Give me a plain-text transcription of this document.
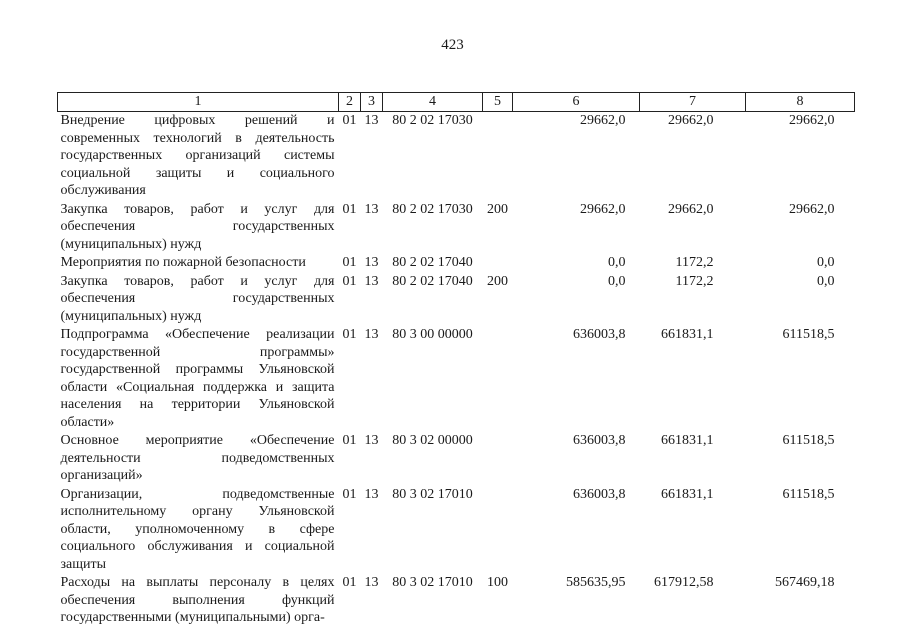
423
1	2	3	4	5	6	7	8
Внедрение цифровых решений и современных технологий в деятельность государственных организаций системы социальной защиты и социального обслуживания	01	13	80 2 02 17030		29662,0	29662,0	29662,0
Закупка товаров, работ и услуг для обеспечения государственных (муниципальных) нужд	01	13	80 2 02 17030	200	29662,0	29662,0	29662,0
Мероприятия по пожарной безопасности	01	13	80 2 02 17040		0,0	1172,2	0,0
Закупка товаров, работ и услуг для обеспечения государственных (муниципальных) нужд	01	13	80 2 02 17040	200	0,0	1172,2	0,0
Подпрограмма «Обеспечение реализации государственной программы» государственной программы Ульяновской области «Социальная поддержка и защита населения на территории Ульяновской области»	01	13	80 3 00 00000		636003,8	661831,1	611518,5
Основное мероприятие «Обеспечение деятельности подведомственных организаций»	01	13	80 3 02 00000		636003,8	661831,1	611518,5
Организации, подведомственные исполнительному органу Ульяновской области, уполномоченному в сфере социального обслуживания и социальной защиты	01	13	80 3 02 17010		636003,8	661831,1	611518,5
Расходы на выплаты персоналу в целях обеспечения выполнения функций государственными (муниципальными) орга-	01	13	80 3 02 17010	100	585635,95	617912,58	567469,18
